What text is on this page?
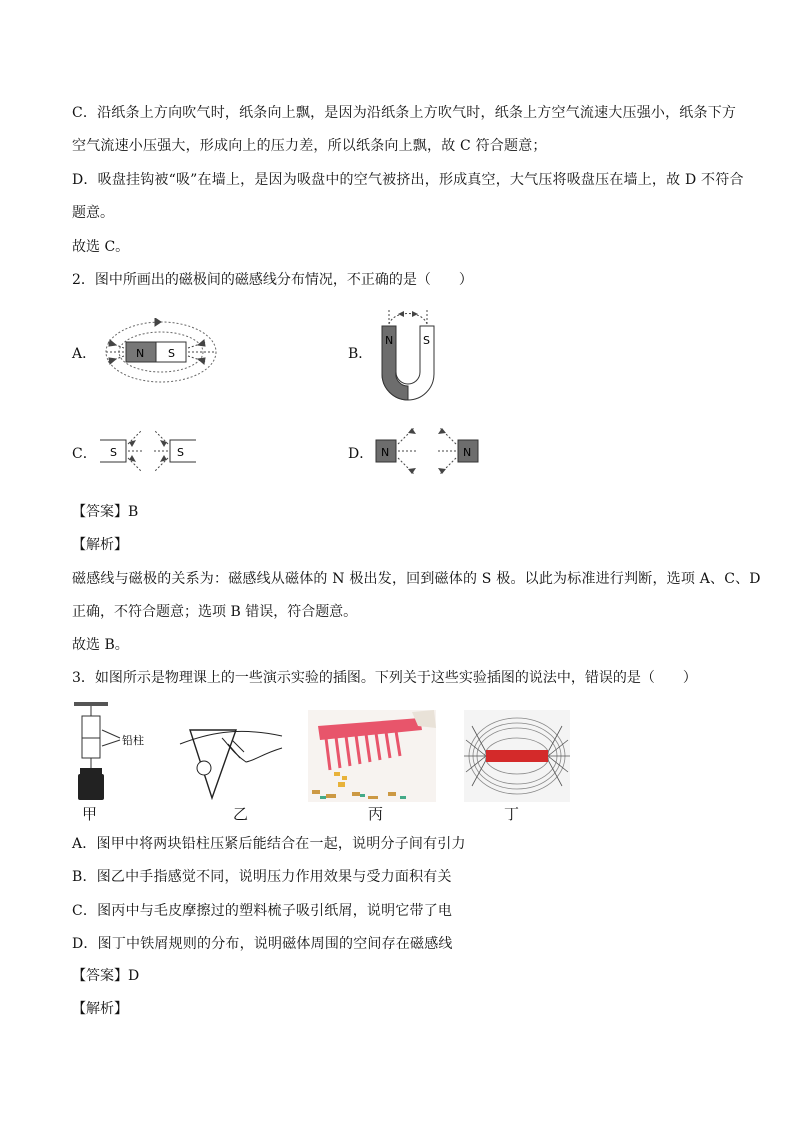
C．沿纸条上方向吹气时，纸条向上飘，是因为沿纸条上方吹气时，纸条上方空气流速大压强小，纸条下方
空气流速小压强大，形成向上的压力差，所以纸条向上飘，故 C 符合题意；
D．吸盘挂钩被“吸”在墙上，是因为吸盘中的空气被挤出，形成真空，大气压将吸盘压在墙上，故 D 不符合
题意。
故选 C。
2．图中所画出的磁极间的磁感线分布情况，不正确的是（　　）
A．	N S	B．
N	S
C． S	S	D． N	N
【答案】B
【解析】
磁感线与磁极的关系为：磁感线从磁体的 N 极出发，回到磁体的 S 极。以此为标准进行判断，选项 A、C、D
正确，不符合题意；选项 B 错误，符合题意。
故选 B。
3．如图所示是物理课上的一些演示实验的插图。下列关于这些实验插图的说法中，错误的是（　　）
铅柱
甲	乙	丙	丁
A．图甲中将两块铅柱压紧后能结合在一起，说明分子间有引力
B．图乙中手指感觉不同，说明压力作用效果与受力面积有关
C．图丙中与毛皮摩擦过的塑料梳子吸引纸屑，说明它带了电
D．图丁中铁屑规则的分布，说明磁体周围的空间存在磁感线
【答案】D
【解析】
